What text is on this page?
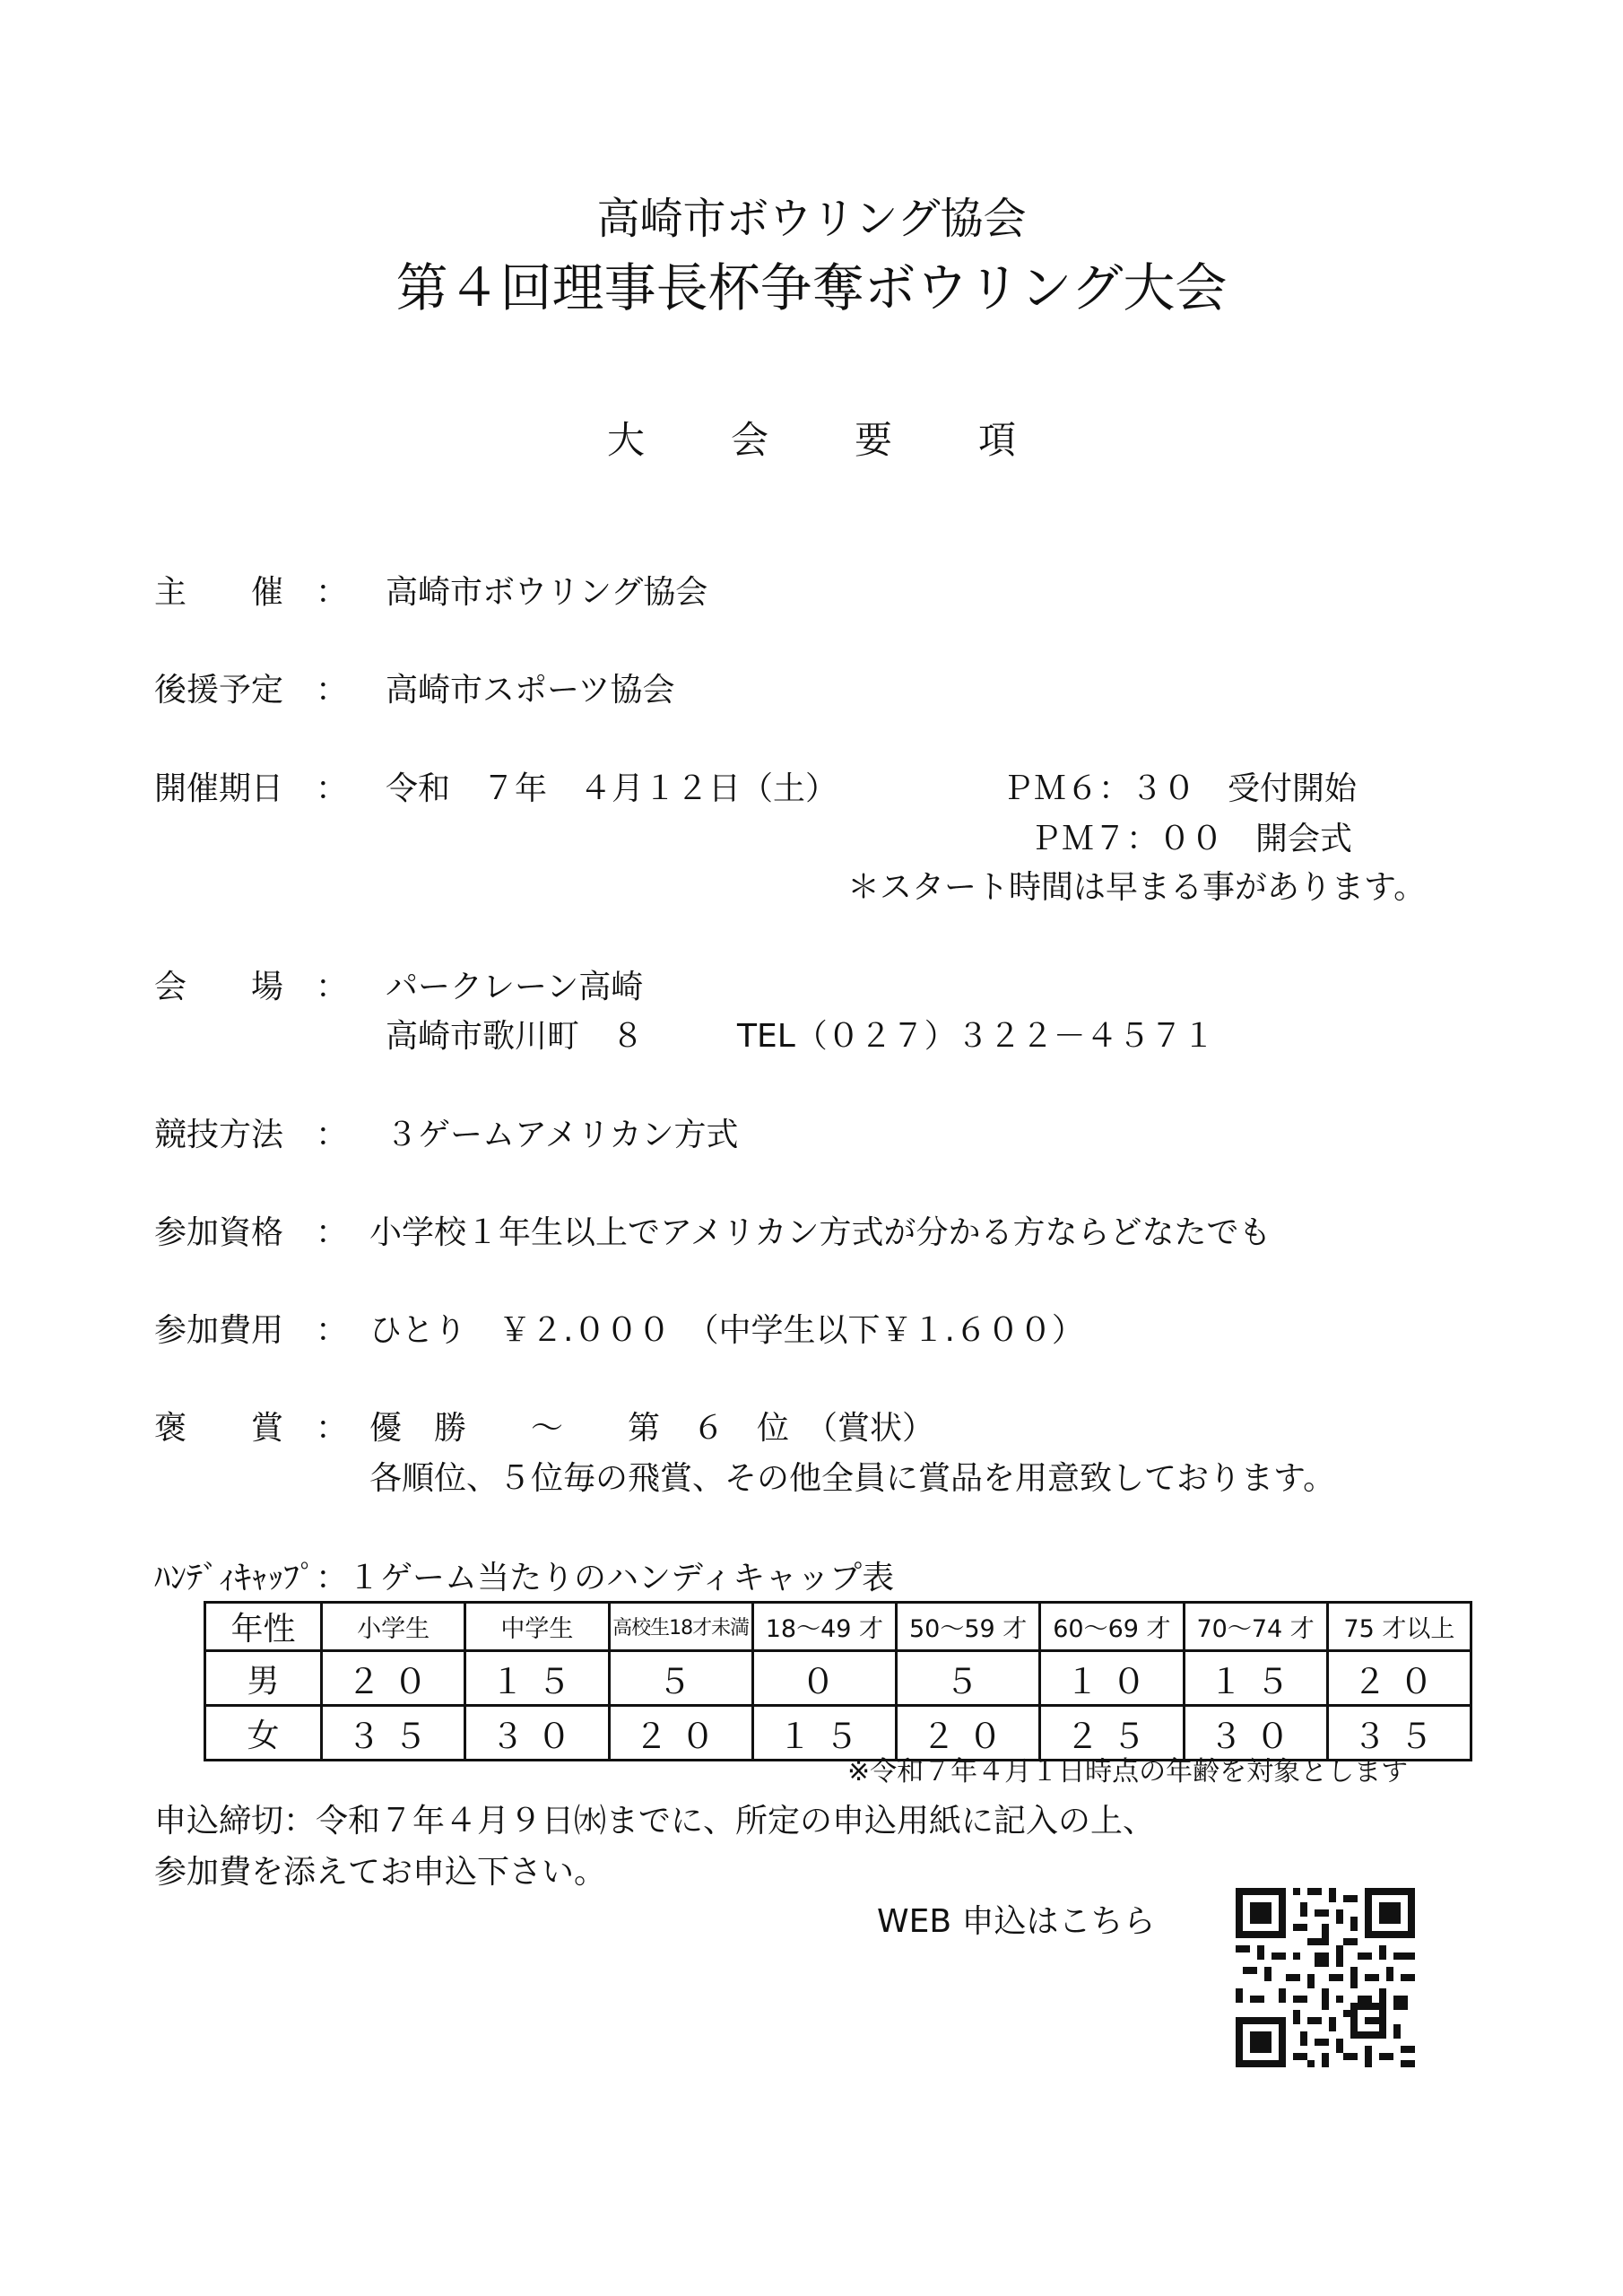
高崎市ボウリング協会
第４回理事長杯争奪ボウリング大会
大会要項
主　　催　： 高崎市ボウリング協会
後援予定　： 高崎市スポーツ協会
開催期日　： 令和　７年　４月１２日（土）	ＰＭ６：３０　受付開始
ＰＭ７：００　開会式
＊スタート時間は早まる事があります。
会　　場　： パークレーン高崎
高崎市歌川町　８	TEL（０２７）３２２－４５７１
競技方法　： ３ゲームアメリカン方式
参加資格　： 小学校１年生以上でアメリカン方式が分かる方ならどなたでも
参加費用　： ひとり　￥２.０００　（中学生以下￥１.６００）
褒　　賞　： 優　勝　　～　　第　６　位　（賞状）
各順位、５位毎の飛賞、その他全員に賞品を用意致しております。
ﾊﾝﾃﾞｨｷｬｯﾌﾟ：１ゲーム当たりのハンディキャップ表
年性	小学生	中学生	高校生18才未満	18～49 才	50～59 才	60～69 才	70～74 才	75 才以上
男	２０	１５	５	０	５	１０	１５	２０
女	３５	３０	２０	１５	２０	２５	３０	３５
※令和７年４月１日時点の年齢を対象とします
申込締切：令和７年４月９日㈬までに、所定の申込用紙に記入の上、
参加費を添えてお申込下さい。
WEB 申込はこちら
